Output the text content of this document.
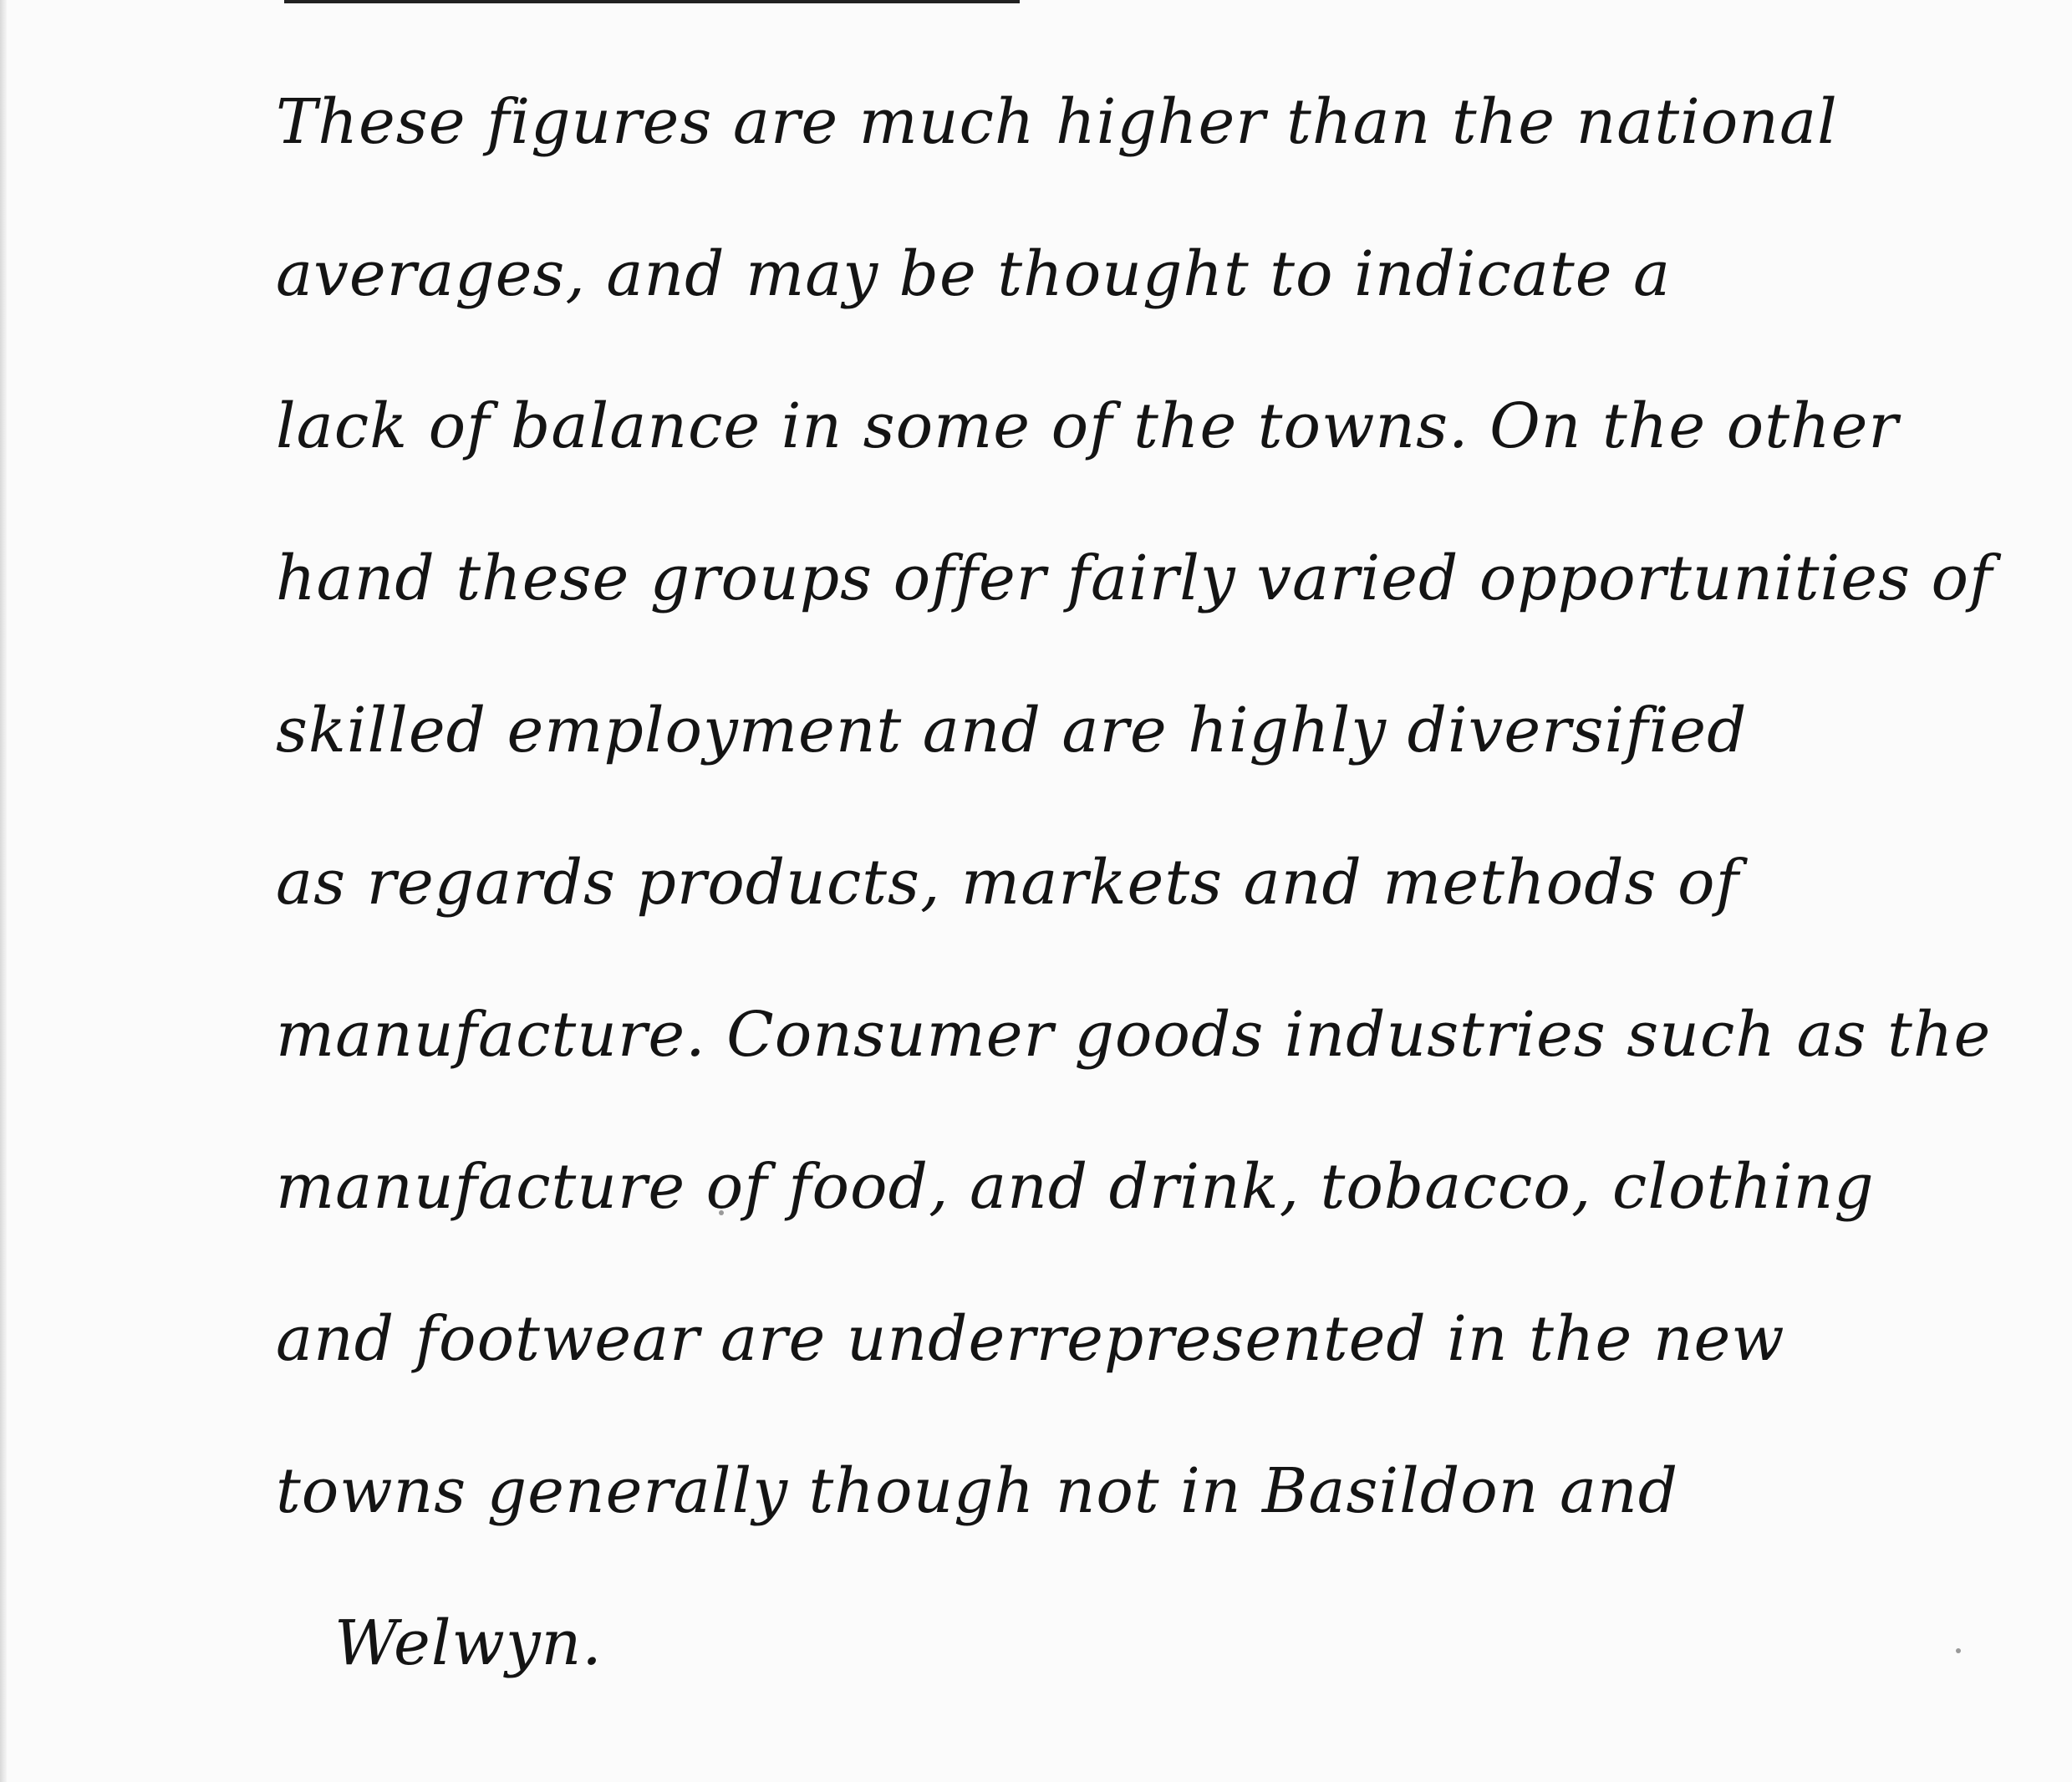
These figures are much higher than the national
averages, and may be thought to indicate a
lack of balance in some of the towns. On the other
hand these groups offer fairly varied opportunities of
skilled employment and are highly diversified
as regards products, markets and methods of
manufacture. Consumer goods industries such as the
manufacture of food, and drink, tobacco, clothing
and footwear are underrepresented in the new
towns generally though not in Basildon and
Welwyn.
